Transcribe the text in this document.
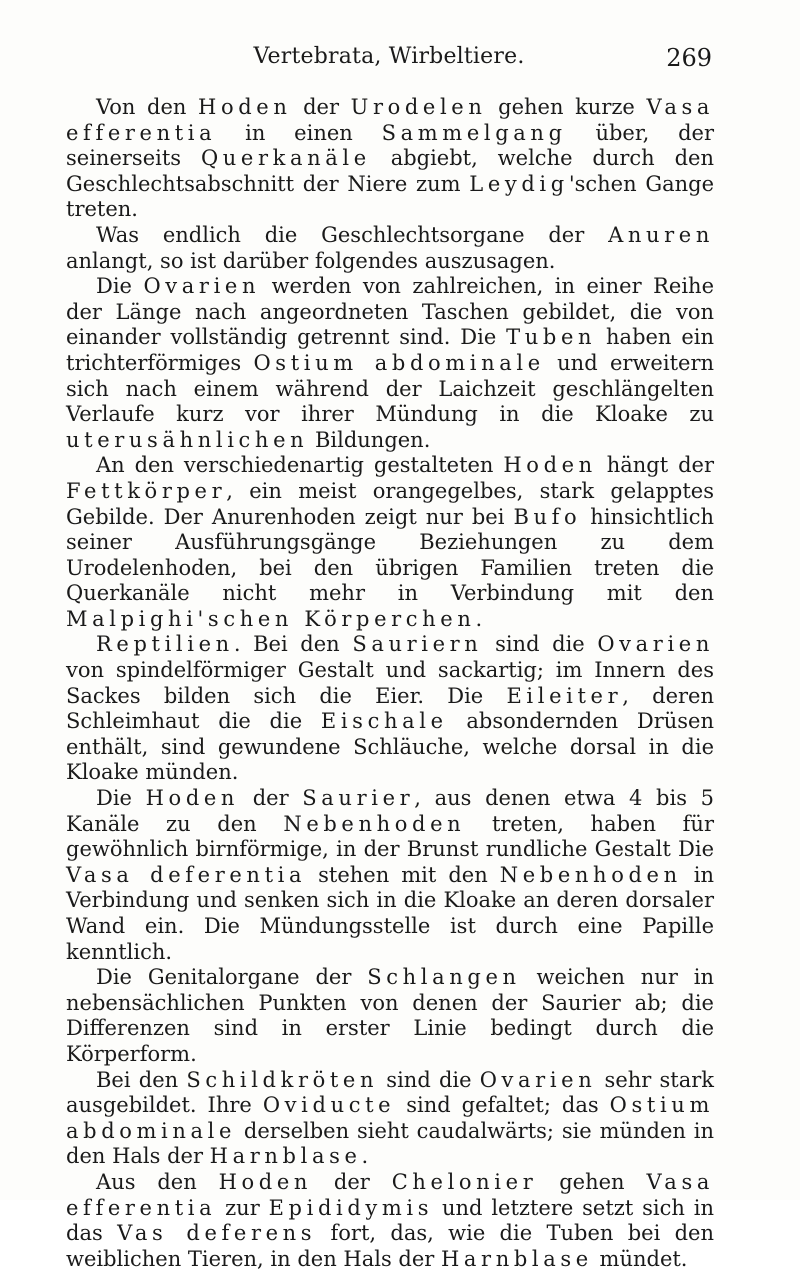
Vertebrata, Wirbeltiere.	269

Von den Hoden der Urodelen gehen kurze Vasa efferentia in einen Sammelgang über, der seinerseits Querkanäle abgiebt, welche durch den Geschlechtsabschnitt der Niere zum Leydig'schen Gange treten.

Was endlich die Geschlechtsorgane der Anuren anlangt, so ist darüber folgendes auszusagen.

Die Ovarien werden von zahlreichen, in einer Reihe der Länge nach angeordneten Taschen gebildet, die von einander vollständig getrennt sind. Die Tuben haben ein trichterförmiges Ostium abdominale und erweitern sich nach einem während der Laichzeit geschlängelten Verlaufe kurz vor ihrer Mündung in die Kloake zu uterusähnlichen Bildungen.

An den verschiedenartig gestalteten Hoden hängt der Fettkörper, ein meist orangegelbes, stark gelapptes Gebilde. Der Anurenhoden zeigt nur bei Bufo hinsichtlich seiner Ausführungsgänge Beziehungen zu dem Urodelenhoden, bei den übrigen Familien treten die Querkanäle nicht mehr in Verbindung mit den Malpighi'schen Körperchen.

Reptilien. Bei den Sauriern sind die Ovarien von spindelförmiger Gestalt und sackartig; im Innern des Sackes bilden sich die Eier. Die Eileiter, deren Schleimhaut die die Eischale absondernden Drüsen enthält, sind gewundene Schläuche, welche dorsal in die Kloake münden.

Die Hoden der Saurier, aus denen etwa 4 bis 5 Kanäle zu den Nebenhoden treten, haben für gewöhnlich birnförmige, in der Brunst rundliche Gestalt Die Vasa deferentia stehen mit den Nebenhoden in Verbindung und senken sich in die Kloake an deren dorsaler Wand ein. Die Mündungsstelle ist durch eine Papille kenntlich.

Die Genitalorgane der Schlangen weichen nur in nebensächlichen Punkten von denen der Saurier ab; die Differenzen sind in erster Linie bedingt durch die Körperform.

Bei den Schildkröten sind die Ovarien sehr stark ausgebildet. Ihre Oviducte sind gefaltet; das Ostium abdominale derselben sieht caudalwärts; sie münden in den Hals der Harnblase.

Aus den Hoden der Chelonier gehen Vasa efferentia zur Epididymis und letztere setzt sich in das Vas deferens fort, das, wie die Tuben bei den weiblichen Tieren, in den Hals der Harnblase mündet.
